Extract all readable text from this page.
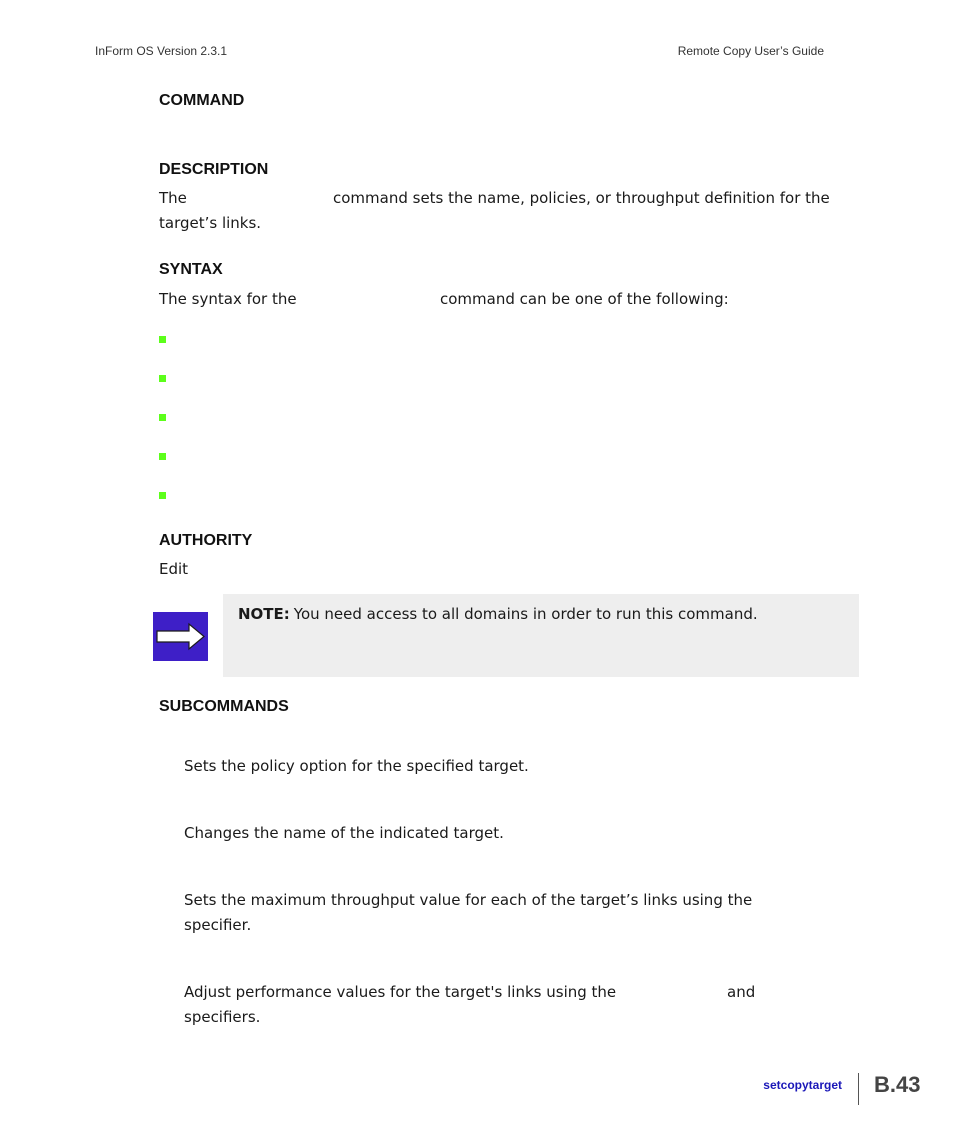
InForm OS Version 2.3.1	Remote Copy User’s Guide
COMMAND
DESCRIPTION
The	command sets the name, policies, or throughput definition for the
target’s links.
SYNTAX
The syntax for the	command can be one of the following:
AUTHORITY
Edit
NOTE: You need access to all domains in order to run this command.
SUBCOMMANDS
Sets the policy option for the specified target.
Changes the name of the indicated target.
Sets the maximum throughput value for each of the target’s links using the
specifier.
Adjust performance values for the target's links using the	and
specifiers.
setcopytarget B.43
